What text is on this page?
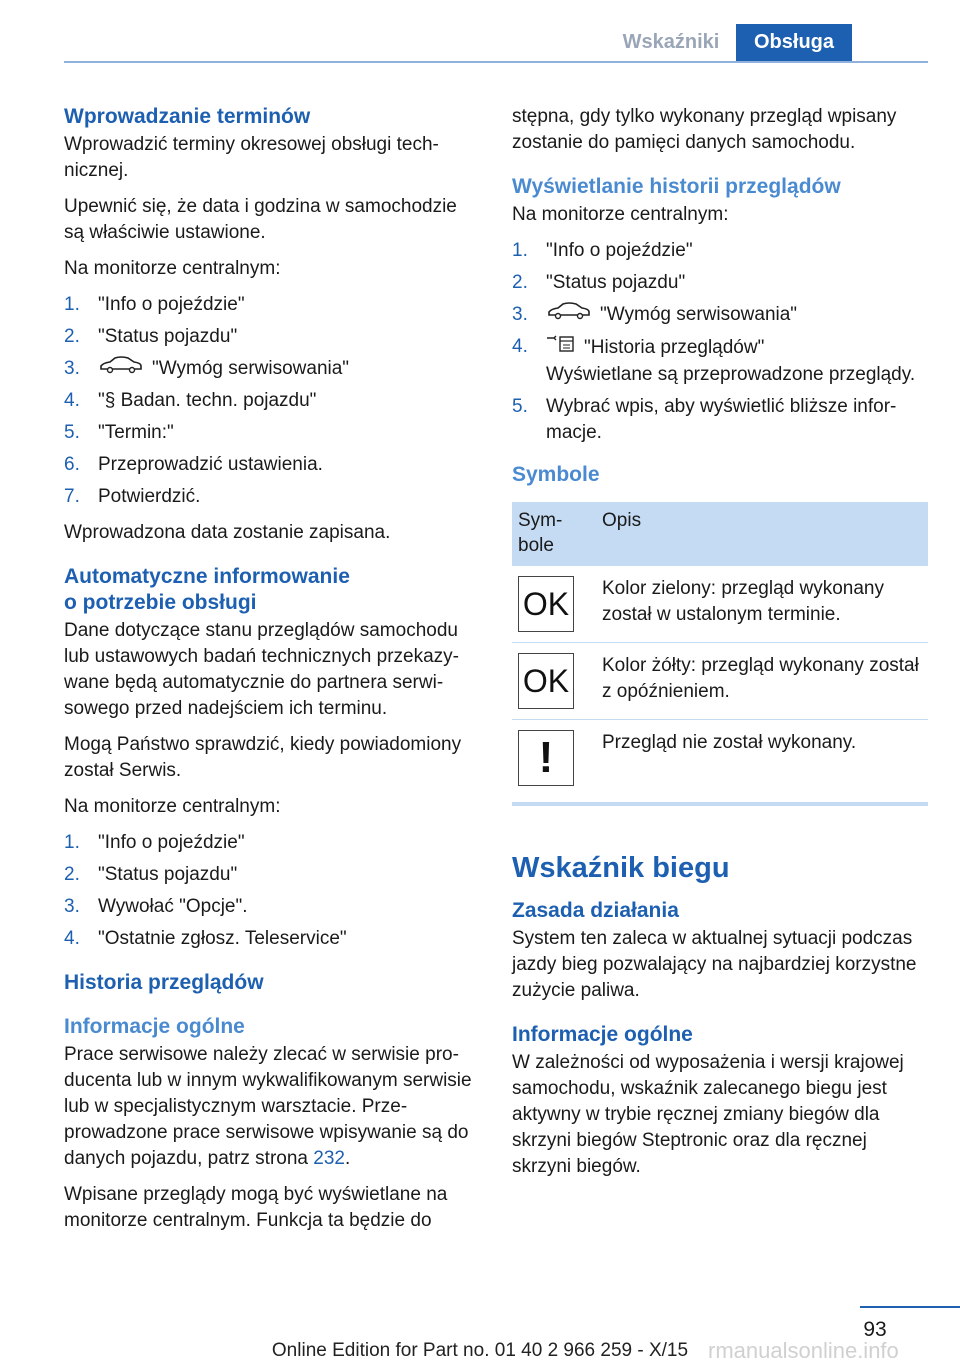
Wskaźniki	Obsługa
Wprowadzanie terminów

Wprowadzić terminy okresowej obsługi technicznej.

Upewnić się, że data i godzina w samochodzie są właściwie ustawione.

Na monitorze centralnym:

1. "Info o pojeździe"
2. "Status pojazdu"
3.	"Wymóg serwisowania"
4. "§ Badan. techn. pojazdu"
5. "Termin:"
6. Przeprowadzić ustawienia.
7. Potwierdzić.

Wprowadzona data zostanie zapisana.

Automatyczne informowanie
o potrzebie obsługi

Dane dotyczące stanu przeglądów samochodu lub ustawowych badań technicznych przekazywane będą automatycznie do partnera serwisowego przed nadejściem ich terminu.

Mogą Państwo sprawdzić, kiedy powiadomiony został Serwis.

Na monitorze centralnym:

1. "Info o pojeździe"
2. "Status pojazdu"
3. Wywołać "Opcje".
4. "Ostatnie zgłosz. Teleservice"
Historia przeglądów
Informacje ogólne

Prace serwisowe należy zlecać w serwisie producenta lub w innym wykwalifikowanym serwisie lub w specjalistycznym warsztacie. Przeprowadzone prace serwisowe wpisywanie są do danych pojazdu, patrz strona 232.

Wpisane przeglądy mogą być wyświetlane na monitorze centralnym. Funkcja ta będzie do

stępna, gdy tylko wykonany przegląd wpisany zostanie do pamięci danych samochodu.

Wyświetlanie historii przeglądów

Na monitorze centralnym:

1. "Info o pojeździe"
2. "Status pojazdu"
3.	"Wymóg serwisowania"
4.	"Historia przeglądów"
Wyświetlane są przeprowadzone przeglądy.
5. Wybrać wpis, aby wyświetlić bliższe informacje.
Symbole
Symbole	Opis

OK	Kolor zielony: przegląd wykonany został w ustalonym terminie.

OK	Kolor żółty: przegląd wykonany został z opóźnieniem.

!	Przegląd nie został wykonany.
Wskaźnik biegu
Zasada działania

System ten zaleca w aktualnej sytuacji podczas jazdy bieg pozwalający na najbardziej korzystne zużycie paliwa.

Informacje ogólne

W zależności od wyposażenia i wersji krajowej samochodu, wskaźnik zalecanego biegu jest aktywny w trybie ręcznej zmiany biegów dla skrzyni biegów Steptronic oraz dla ręcznej skrzyni biegów.

93
Online Edition for Part no. 01 40 2 966 259 - X/15 rmanualsonline.info
